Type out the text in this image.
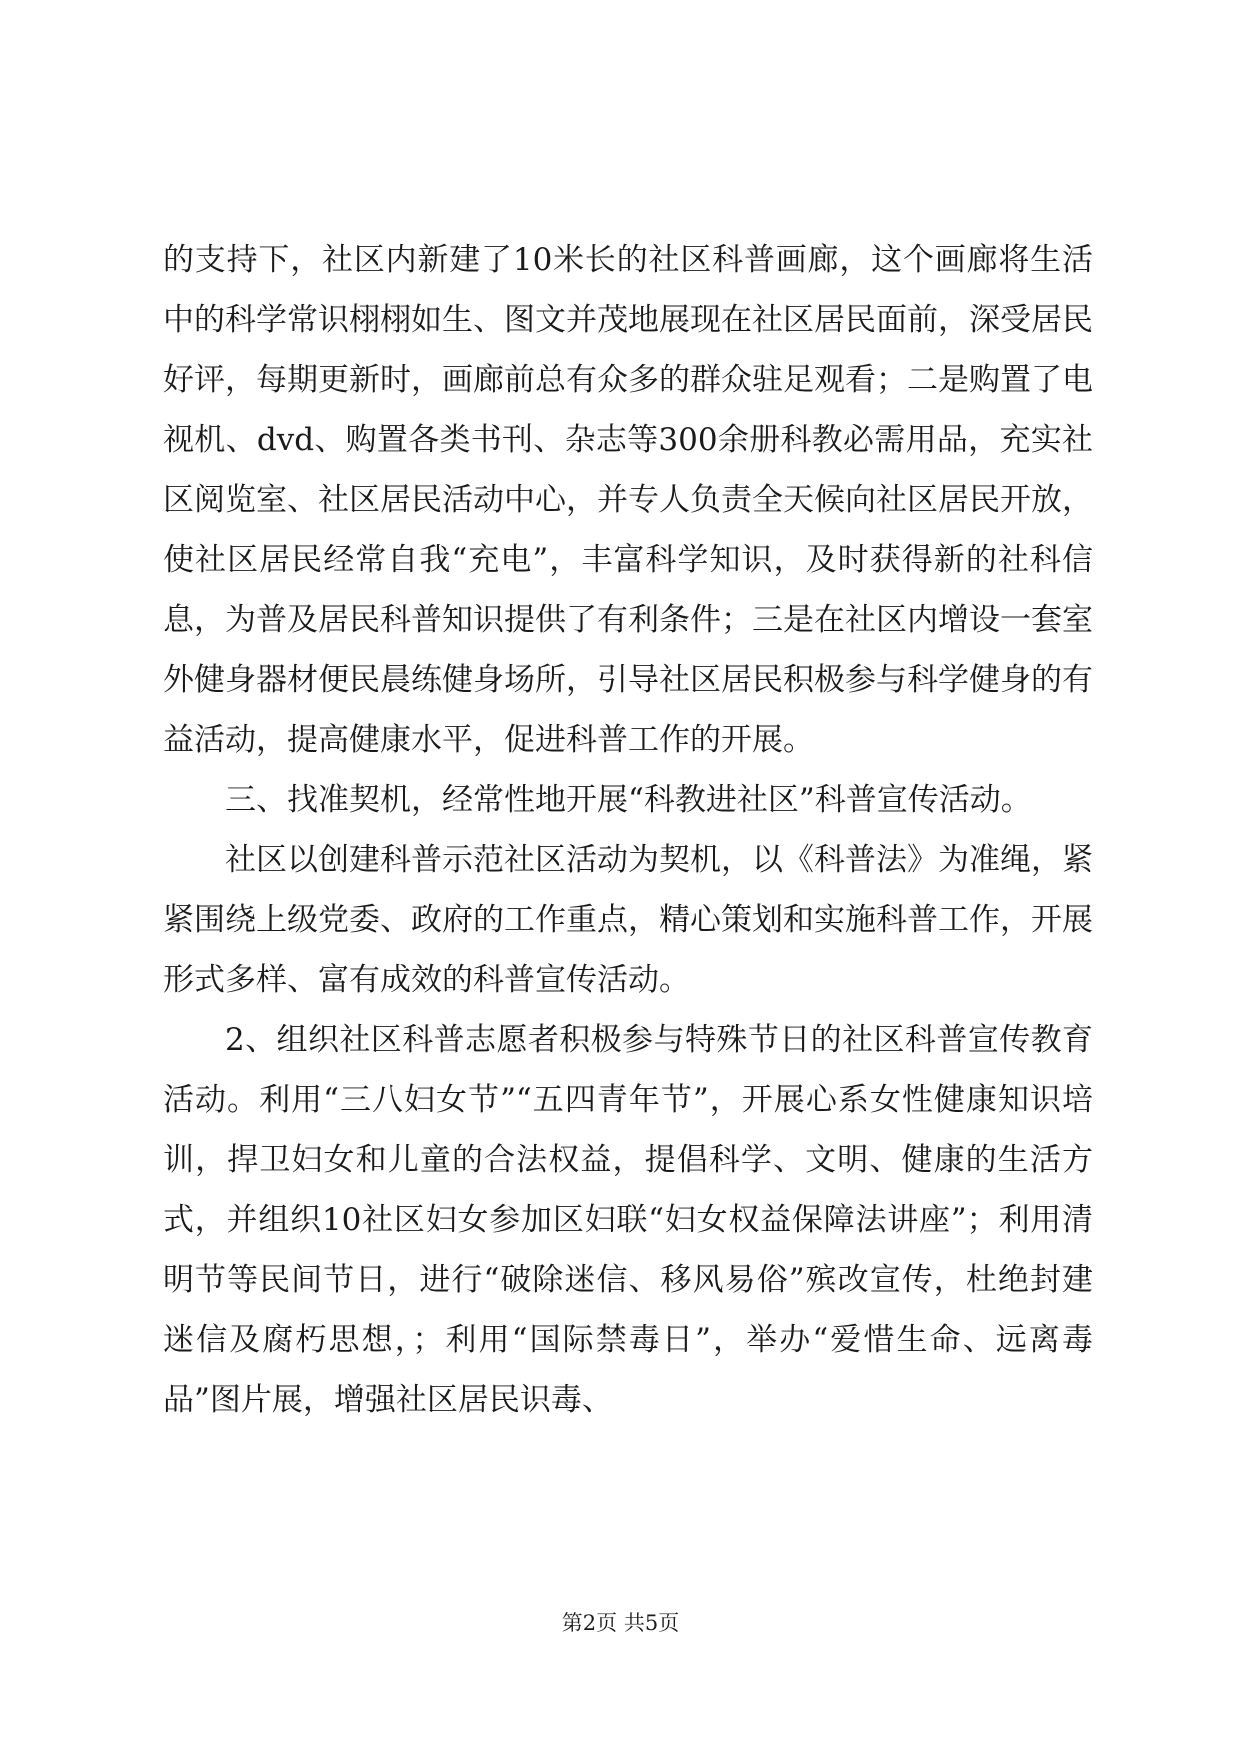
的支持下，社区内新建了10米长的社区科普画廊，这个画廊将生活中的科学常识栩栩如生、图文并茂地展现在社区居民面前，深受居民好评，每期更新时，画廊前总有众多的群众驻足观看；二是购置了电视机、dvd、购置各类书刊、杂志等300余册科教必需用品，充实社区阅览室、社区居民活动中心，并专人负责全天候向社区居民开放，使社区居民经常自我“充电”，丰富科学知识，及时获得新的社科信息，为普及居民科普知识提供了有利条件；三是在社区内增设一套室外健身器材便民晨练健身场所，引导社区居民积极参与科学健身的有益活动，提高健康水平，促进科普工作的开展。

三、找准契机，经常性地开展“科教进社区”科普宣传活动。

社区以创建科普示范社区活动为契机，以《科普法》为准绳，紧紧围绕上级党委、政府的工作重点，精心策划和实施科普工作，开展形式多样、富有成效的科普宣传活动。

2、组织社区科普志愿者积极参与特殊节日的社区科普宣传教育活动。利用“三八妇女节”“五四青年节”，开展心系女性健康知识培训，捍卫妇女和儿童的合法权益，提倡科学、文明、健康的生活方式，并组织10社区妇女参加区妇联“妇女权益保障法讲座”；利用清明节等民间节日，进行“破除迷信、移风易俗”殡改宣传，杜绝封建迷信及腐朽思想，；利用“国际禁毒日”，举办“爱惜生命、远离毒品”图片展，增强社区居民识毒、

第2页 共5页
